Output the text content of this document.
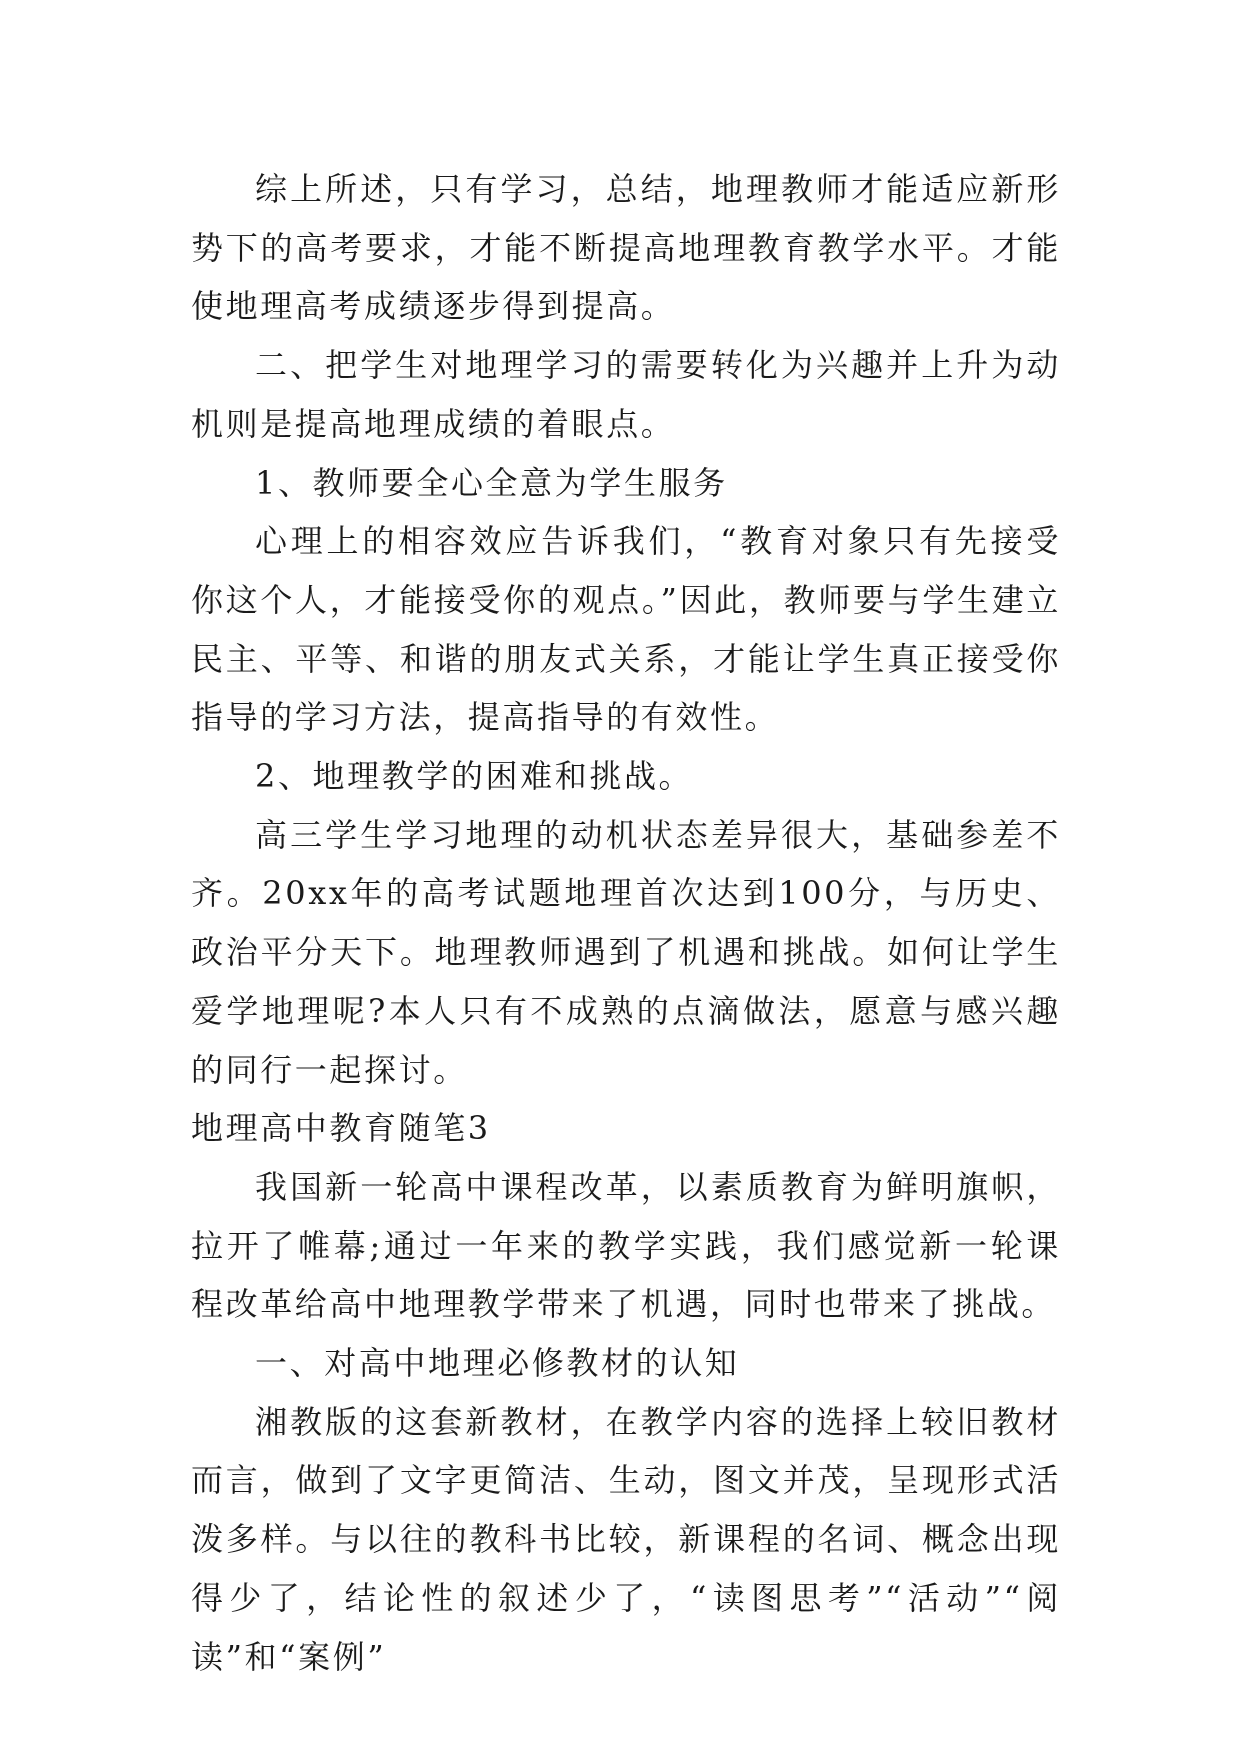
综上所述，只有学习，总结，地理教师才能适应新形势下的高考要求，才能不断提高地理教育教学水平。才能使地理高考成绩逐步得到提高。

二、把学生对地理学习的需要转化为兴趣并上升为动机则是提高地理成绩的着眼点。

1、教师要全心全意为学生服务

心理上的相容效应告诉我们，“教育对象只有先接受你这个人，才能接受你的观点。”因此，教师要与学生建立民主、平等、和谐的朋友式关系，才能让学生真正接受你指导的学习方法，提高指导的有效性。

2、地理教学的困难和挑战。

高三学生学习地理的动机状态差异很大，基础参差不齐。20xx年的高考试题地理首次达到100分，与历史、政治平分天下。地理教师遇到了机遇和挑战。如何让学生爱学地理呢?本人只有不成熟的点滴做法，愿意与感兴趣的同行一起探讨。

地理高中教育随笔3

我国新一轮高中课程改革，以素质教育为鲜明旗帜，拉开了帷幕;通过一年来的教学实践，我们感觉新一轮课程改革给高中地理教学带来了机遇，同时也带来了挑战。

一、对高中地理必修教材的认知

湘教版的这套新教材，在教学内容的选择上较旧教材而言，做到了文字更简洁、生动，图文并茂，呈现形式活泼多样。与以往的教科书比较，新课程的名词、概念出现得少了，结论性的叙述少了，“读图思考”“活动”“阅读”和“案例”
